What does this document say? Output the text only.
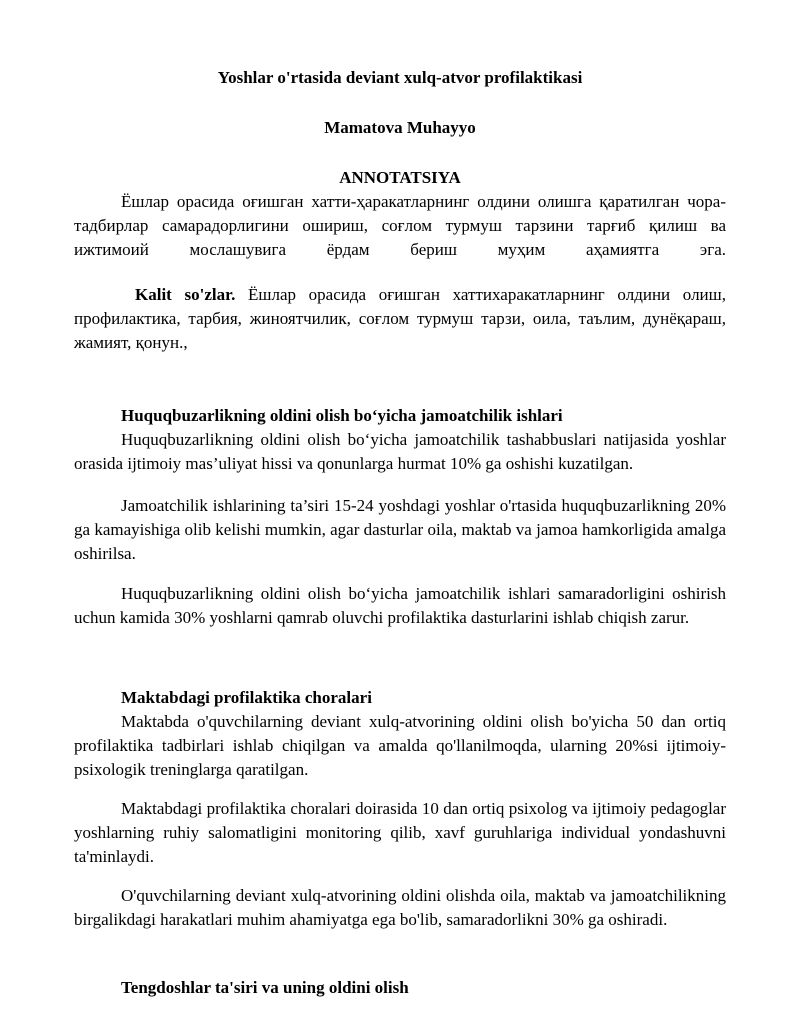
Yoshlar o'rtasida deviant xulq-atvor profilaktikasi

Mamatova Muhayyo

ANNOTATSIYA

Ёшлар орасида оғишган хатти-ҳаракатларнинг олдини олишга қаратилган чора-тадбирлар самарадорлигини ошириш, соғлом турмуш тарзини тарғиб қилиш ва ижтимоий мослашувига ёрдам бериш муҳим аҳамиятга эга.

Kalit so'zlar. Ёшлар орасида оғишган хаттихаракатларнинг олдини олиш, профилактика, тарбия, жиноятчилик, соғлом турмуш тарзи, оила, таълим, дунёқараш, жамият, қонун.,

Huquqbuzarlikning oldini olish bo‘yicha jamoatchilik ishlari

Huquqbuzarlikning oldini olish bo‘yicha jamoatchilik tashabbuslari natijasida yoshlar orasida ijtimoiy mas’uliyat hissi va qonunlarga hurmat 10% ga oshishi kuzatilgan.

Jamoatchilik ishlarining ta’siri 15-24 yoshdagi yoshlar o'rtasida huquqbuzarlikning 20% ga kamayishiga olib kelishi mumkin, agar dasturlar oila, maktab va jamoa hamkorligida amalga oshirilsa.

Huquqbuzarlikning oldini olish bo‘yicha jamoatchilik ishlari samaradorligini oshirish uchun kamida 30% yoshlarni qamrab oluvchi profilaktika dasturlarini ishlab chiqish zarur.

Maktabdagi profilaktika choralari

Maktabda o'quvchilarning deviant xulq-atvorining oldini olish bo'yicha 50 dan ortiq profilaktika tadbirlari ishlab chiqilgan va amalda qo'llanilmoqda, ularning 20%si ijtimoiy-psixologik treninglarga qaratilgan.

Maktabdagi profilaktika choralari doirasida 10 dan ortiq psixolog va ijtimoiy pedagoglar yoshlarning ruhiy salomatligini monitoring qilib, xavf guruhlariga individual yondashuvni ta'minlaydi.

O'quvchilarning deviant xulq-atvorining oldini olishda oila, maktab va jamoatchilikning birgalikdagi harakatlari muhim ahamiyatga ega bo'lib, samaradorlikni 30% ga oshiradi.

Tengdoshlar ta'siri va uning oldini olish
